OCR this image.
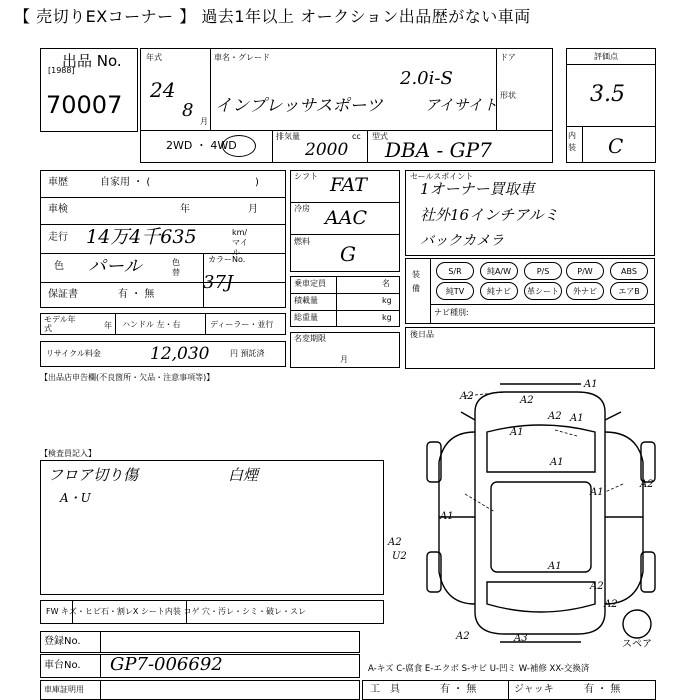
【 売切りEXコーナー 】 過去1年以上 オークション出品歴がない車両
出品 No.
[1988]
70007
年式
24
8
月
車名・グレード
2.0i-S
インプレッサスポーツ	アイサイト
ドア
形状
2WD ・ 4WD
排気量	cc
2000
型式
DBA - GP7
評価点
3.5
内装 C
車歴	自家用 ・ (	)
車検	年	月
走行 14万4千635	km/マイル
色 パール	色替
カラーNo.
37J
保証書	有 ・ 無
モデル年式	年 ハンドル 左・右	ディーラー・並行
リサイクル料金	12,030	円 預託済
【出品店申告欄(不良箇所・欠品・注意事項等)】
【検査員記入】
フロア切り傷
A・U
白煙
シフト FAT
冷房 AAC
燃料
G
乗車定員	名
積載量	kg
総重量	kg
名変期限
月
セールスポイント
1オーナー買取車
社外16インチアルミ
バックカメラ
装備
S/R	純A/W	P/S	P/W	ABS
純TV	純ナビ	革シート	外ナビ	エアB
ナビ種別:
後日品
A1
A2
A1
A1
A1
A1
A2
A2
A2	A3
A2
U2
A1
A2
A2
A1
A2
スペア
FW キズ・ヒビ石・割レX シート内装 コゲ 穴・汚レ・シミ・破レ・スレ
登録No.
車台No. GP7-006692
車庫証明用
A-キズ C-腐食 E-エクボ S-サビ U-凹ミ W-補修 XX-交換済
工　具	有 ・ 無	ジャッキ	有 ・ 無
